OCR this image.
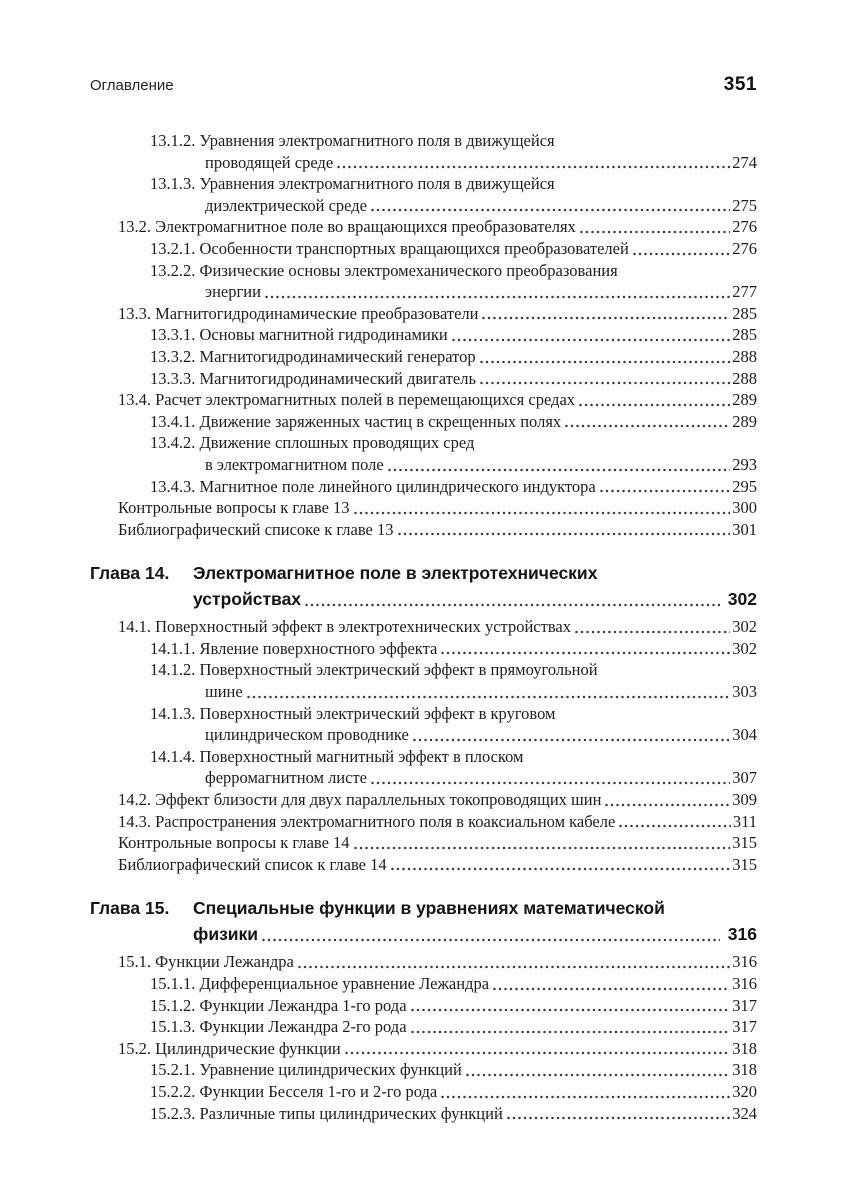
Оглавление	351
13.1.2. Уравнения электромагнитного поля в движущейся
проводящей среде	274
13.1.3. Уравнения электромагнитного поля в движущейся
диэлектрической среде	275
13.2. Электромагнитное поле во вращающихся преобразователях	276
13.2.1. Особенности транспортных вращающихся преобразователей	276
13.2.2. Физические основы электромеханического преобразования
энергии	277
13.3. Магнитогидродинамические преобразователи	285
13.3.1. Основы магнитной гидродинамики	285
13.3.2. Магнитогидродинамический генератор	288
13.3.3. Магнитогидродинамический двигатель	288
13.4. Расчет электромагнитных полей в перемещающихся средах	289
13.4.1. Движение заряженных частиц в скрещенных полях	289
13.4.2. Движение сплошных проводящих сред
в электромагнитном поле	293
13.4.3. Магнитное поле линейного цилиндрического индуктора	295
Контрольные вопросы к главе 13	300
Библиографический списоке к главе 13	301
Глава 14.	Электромагнитное поле в электротехнических
устройствах	302
14.1. Поверхностный эффект в электротехнических устройствах	302
14.1.1. Явление поверхностного эффекта	302
14.1.2. Поверхностный электрический эффект в прямоугольной
шине	303
14.1.3. Поверхностный электрический эффект в круговом
цилиндрическом проводнике	304
14.1.4. Поверхностный магнитный эффект в плоском
ферромагнитном листе	307
14.2. Эффект близости для двух параллельных токопроводящих шин	309
14.3. Распространения электромагнитного поля в коаксиальном кабеле	311
Контрольные вопросы к главе 14	315
Библиографический список к главе 14	315
Глава 15.	Специальные функции в уравнениях математической
физики	316
15.1. Функции Лежандра	316
15.1.1. Дифференциальное уравнение Лежандра	316
15.1.2. Функции Лежандра 1-го рода	317
15.1.3. Функции Лежандра 2-го рода	317
15.2. Цилиндрические функции	318
15.2.1. Уравнение цилиндрических функций	318
15.2.2. Функции Бесселя 1-го и 2-го рода	320
15.2.3. Различные типы цилиндрических функций	324
